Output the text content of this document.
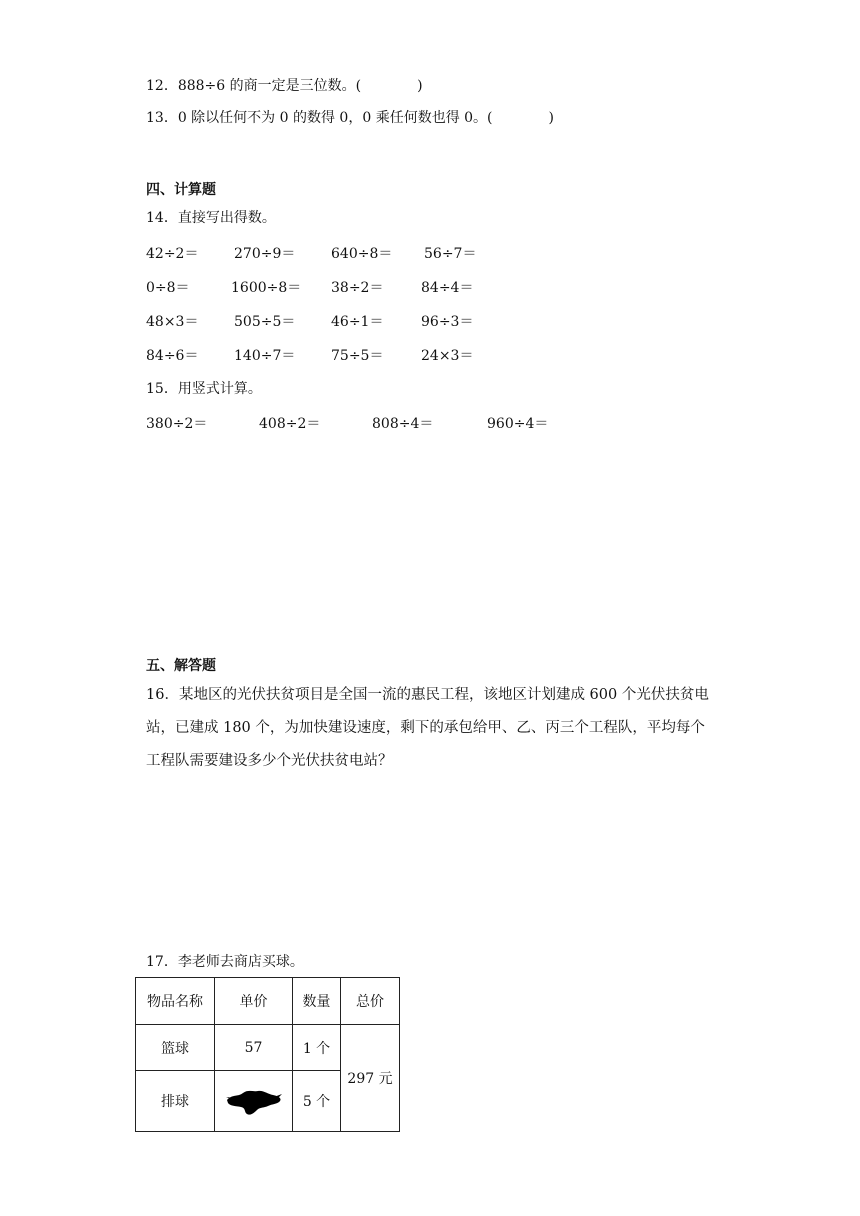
12．888÷6 的商一定是三位数。(　　　　)
13．0 除以任何不为 0 的数得 0，0 乘任何数也得 0。(　　　　)
四、计算题
14．直接写出得数。
42÷2＝	270÷9＝	640÷8＝ 56÷7＝
0÷8＝	1600÷8＝ 38÷2＝	84÷4＝
48×3＝	505÷5＝	46÷1＝	96÷3＝
84÷6＝	140÷7＝	75÷5＝	24×3＝
15．用竖式计算。
380÷2＝	408÷2＝	808÷4＝	960÷4＝
五、解答题
16．某地区的光伏扶贫项目是全国一流的惠民工程，该地区计划建成 600 个光伏扶贫电
站，已建成 180 个，为加快建设速度，剩下的承包给甲、乙、丙三个工程队，平均每个
工程队需要建设多少个光伏扶贫电站？
17．李老师去商店买球。
物品名称	单价	数量	总价
篮球	57	1 个	297 元
排球		5 个	
